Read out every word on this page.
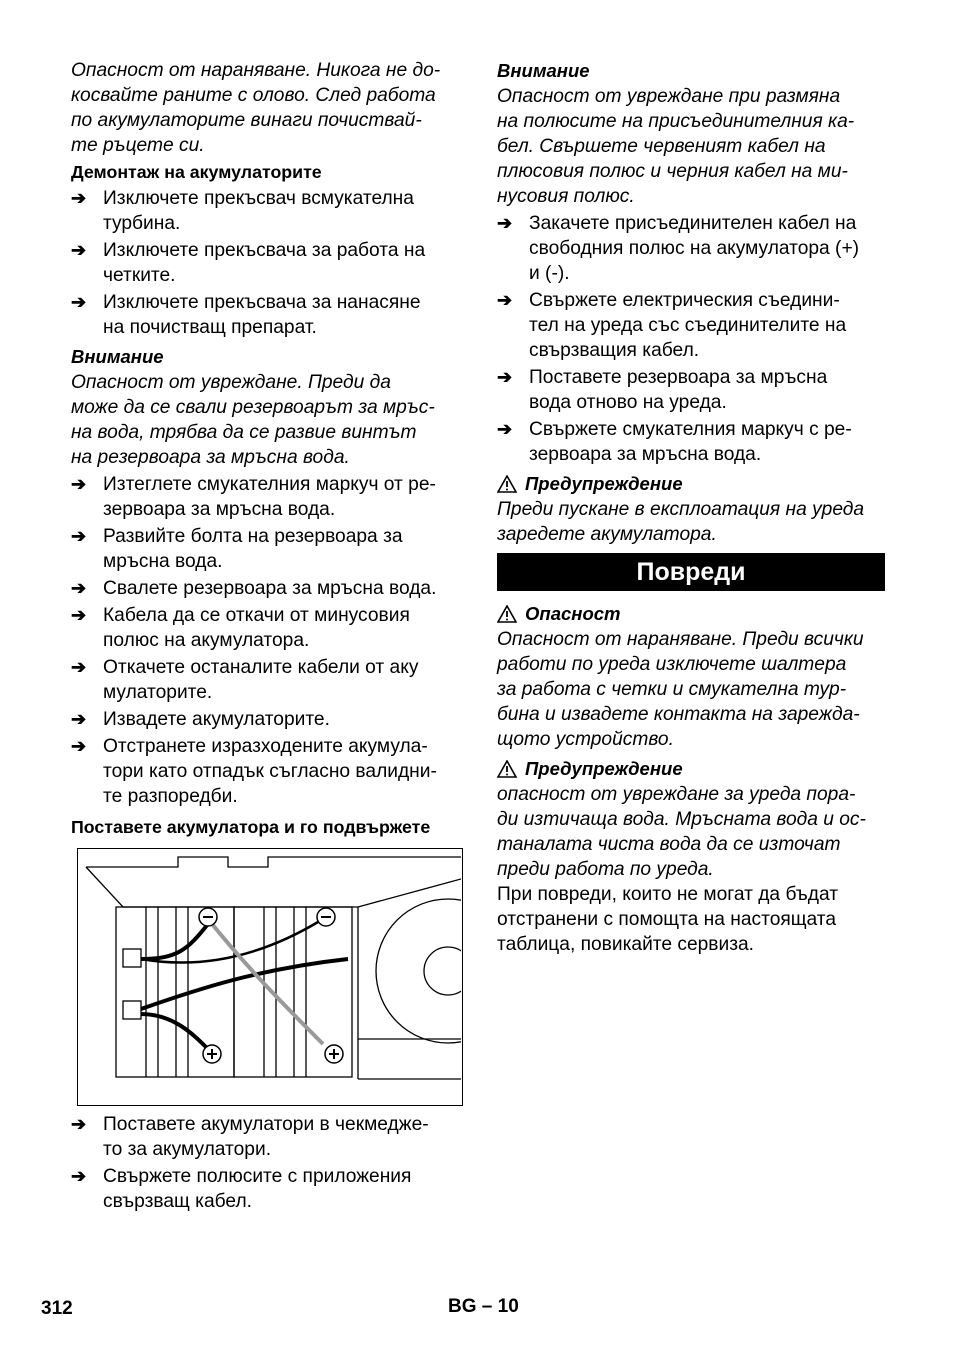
Опасност от нараняване. Никога не до-
косвайте раните с олово. След работа
по акумулаторите винаги почиствай-
те ръцете си.

Демонтаж на акумулаторите
➔ Изключете прекъсвач всмукателна
турбина.
➔ Изключете прекъсвача за работа на
четките.
➔ Изключете прекъсвача за нанасяне
на почистващ препарат.
Внимание

Опасност от увреждане. Преди да
може да се свали резервоарът за мръс-
на вода, трябва да се развие винтът
на резервоара за мръсна вода.

➔ Изтеглете смукателния маркуч от ре-
зервоара за мръсна вода.
➔ Развийте болта на резервоара за
мръсна вода.
➔ Свалете резервоара за мръсна вода.
➔ Кабела да се откачи от минусовия
полюс на акумулатора.
➔ Откачете останалите кабели от аку
мулаторите.
➔ Извадете акумулаторите.
➔ Отстранете изразходените акумула-
тори като отпадък съгласно валидни-
те разпоредби.
Поставете акумулатора и го подвържете
➔ Поставете акумулатори в чекмедже-
то за акумулатори.
➔ Свържете полюсите с приложения
свързващ кабел.
Внимание

Опасност от увреждане при размяна
на полюсите на присъединителния ка-
бел. Свършете червеният кабел на
плюсовия полюс и черния кабел на ми-
нусовия полюс.

➔ Закачете присъединителен кабел на
свободния полюс на акумулатора (+)
и (-).
➔ Свържете електрическия съедини-
тел на уреда със съединителите на
свързващия кабел.
➔ Поставете резервоара за мръсна
вода отново на уреда.
➔ Свържете смукателния маркуч с ре-
зервоара за мръсна вода.
Предупреждение

Преди пускане в експлоатация на уреда
заредете акумулатора.

Повреди
Опасност

Опасност от нараняване. Преди всички
работи по уреда изключете шалтера
за работа с четки и смукателна тур-
бина и извадете контакта на зарежда-
щото устройство.

Предупреждение

опасност от увреждане за уреда пора-
ди изтичаща вода. Мръсната вода и ос-
таналата чиста вода да се източат
преди работа по уреда.

При повреди, които не могат да бъдат
отстранени с помощта на настоящата
таблица, повикайте сервиза.

312	BG – 10
